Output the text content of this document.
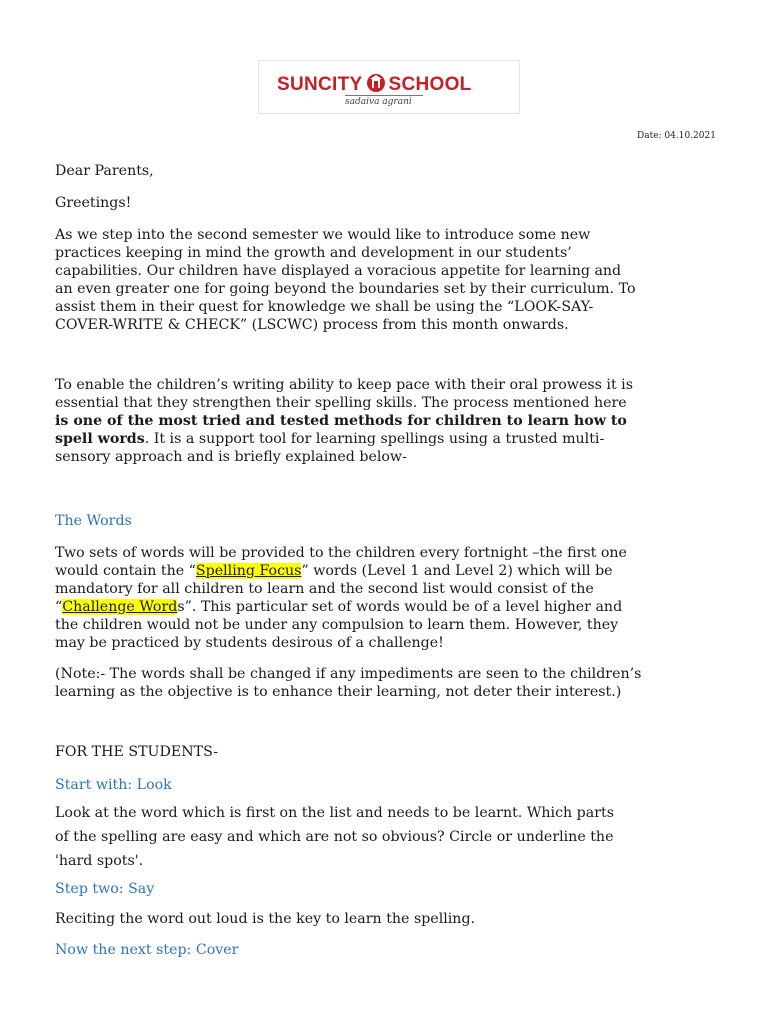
SUNCITY SCHOOL
sadaiva agrani
Date: 04.10.2021
Dear Parents,
Greetings!
As we step into the second semester we would like to introduce some new
practices keeping in mind the growth and development in our students’
capabilities. Our children have displayed a voracious appetite for learning and
an even greater one for going beyond the boundaries set by their curriculum. To
assist them in their quest for knowledge we shall be using the “LOOK-SAY-
COVER-WRITE & CHECK” (LSCWC) process from this month onwards.
To enable the children’s writing ability to keep pace with their oral prowess it is
essential that they strengthen their spelling skills. The process mentioned here
is one of the most tried and tested methods for children to learn how to
spell words. It is a support tool for learning spellings using a trusted multi-
sensory approach and is briefly explained below-
The Words
Two sets of words will be provided to the children every fortnight –the first one
would contain the “Spelling Focus” words (Level 1 and Level 2) which will be
mandatory for all children to learn and the second list would consist of the
“Challenge Words”. This particular set of words would be of a level higher and
the children would not be under any compulsion to learn them. However, they
may be practiced by students desirous of a challenge!
(Note:- The words shall be changed if any impediments are seen to the children’s
learning as the objective is to enhance their learning, not deter their interest.)
FOR THE STUDENTS-
Start with: Look
Look at the word which is first on the list and needs to be learnt. Which parts
of the spelling are easy and which are not so obvious? Circle or underline the
'hard spots'.
Step two: Say
Reciting the word out loud is the key to learn the spelling.
Now the next step: Cover
